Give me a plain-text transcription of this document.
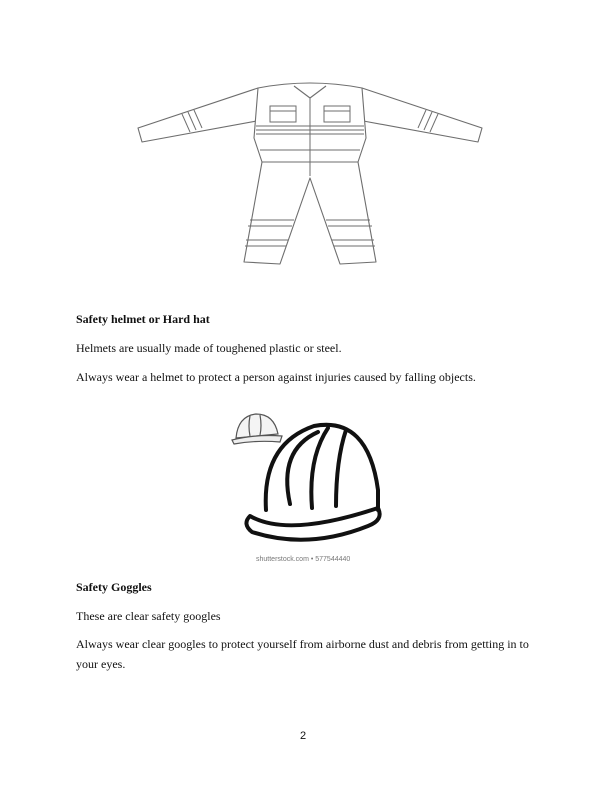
Safety helmet or Hard hat
Helmets are usually made of toughened plastic or steel.
Always wear a helmet to protect a person against injuries caused by falling objects.
shutterstock.com • 577544440
Safety Goggles
These are clear safety googles
Always wear clear googles to protect yourself from airborne dust and debris from getting in to your eyes.
2
